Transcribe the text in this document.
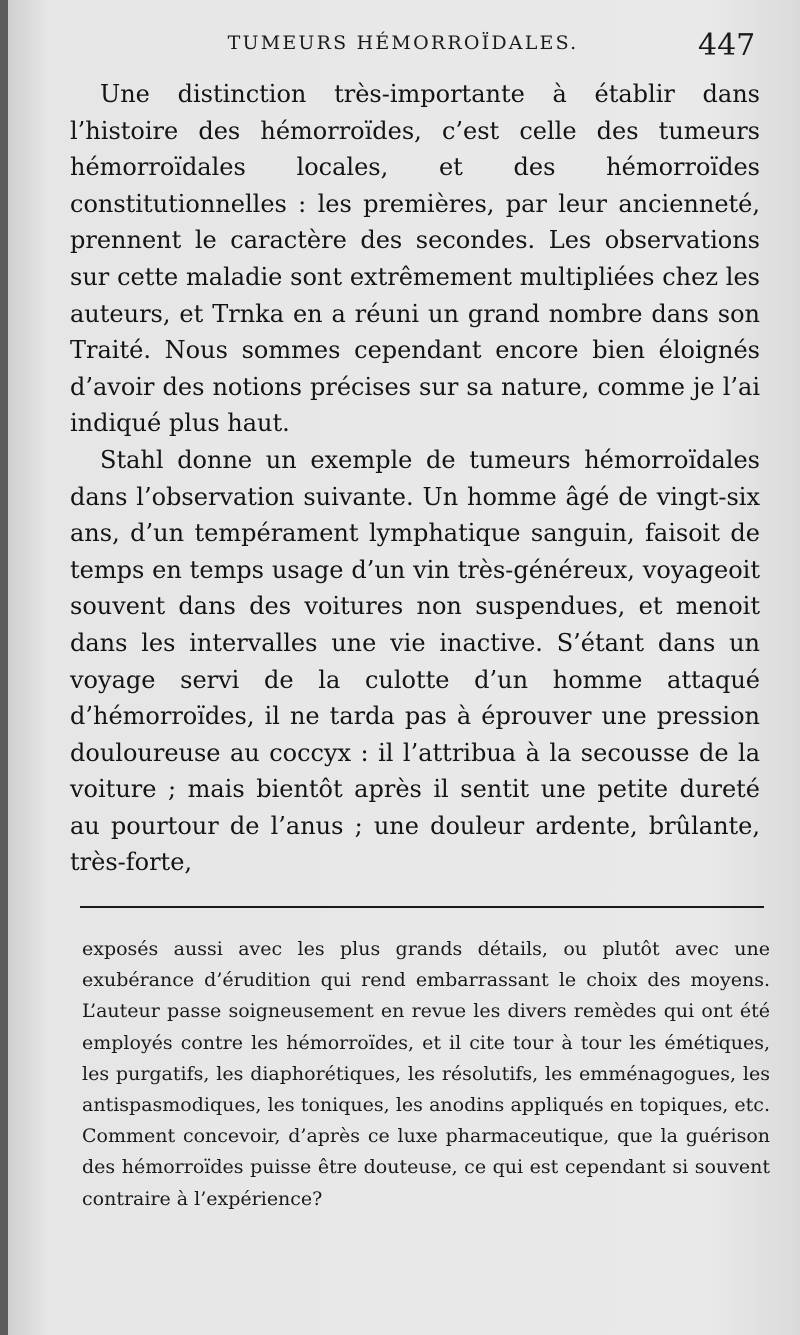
TUMEURS HÉMORROÏDALES.	447

Une distinction très-importante à établir dans l’histoire des hémorroïdes, c’est celle des tumeurs hémorroïdales locales, et des hémorroïdes constitutionnelles : les premières, par leur ancienneté, prennent le caractère des secondes. Les observations sur cette maladie sont extrêmement multipliées chez les auteurs, et Trnka en a réuni un grand nombre dans son Traité. Nous sommes cependant encore bien éloignés d’avoir des notions précises sur sa nature, comme je l’ai indiqué plus haut.

Stahl donne un exemple de tumeurs hémorroïdales dans l’observation suivante. Un homme âgé de vingt-six ans, d’un tempérament lymphatique sanguin, faisoit de temps en temps usage d’un vin très-généreux, voyageoit souvent dans des voitures non suspendues, et menoit dans les intervalles une vie inactive. S’étant dans un voyage servi de la culotte d’un homme attaqué d’hémorroïdes, il ne tarda pas à éprouver une pression douloureuse au coccyx : il l’attribua à la secousse de la voiture ; mais bientôt après il sentit une petite dureté au pourtour de l’anus ; une douleur ardente, brûlante, très-forte,

exposés aussi avec les plus grands détails, ou plutôt avec une exubérance d’érudition qui rend embarrassant le choix des moyens. L’auteur passe soigneusement en revue les divers remèdes qui ont été employés contre les hémorroïdes, et il cite tour à tour les émétiques, les purgatifs, les diaphorétiques, les résolutifs, les emménagogues, les antispasmodiques, les toniques, les anodins appliqués en topiques, etc. Comment concevoir, d’après ce luxe pharmaceutique, que la guérison des hémorroïdes puisse être douteuse, ce qui est cependant si souvent contraire à l’expérience?
